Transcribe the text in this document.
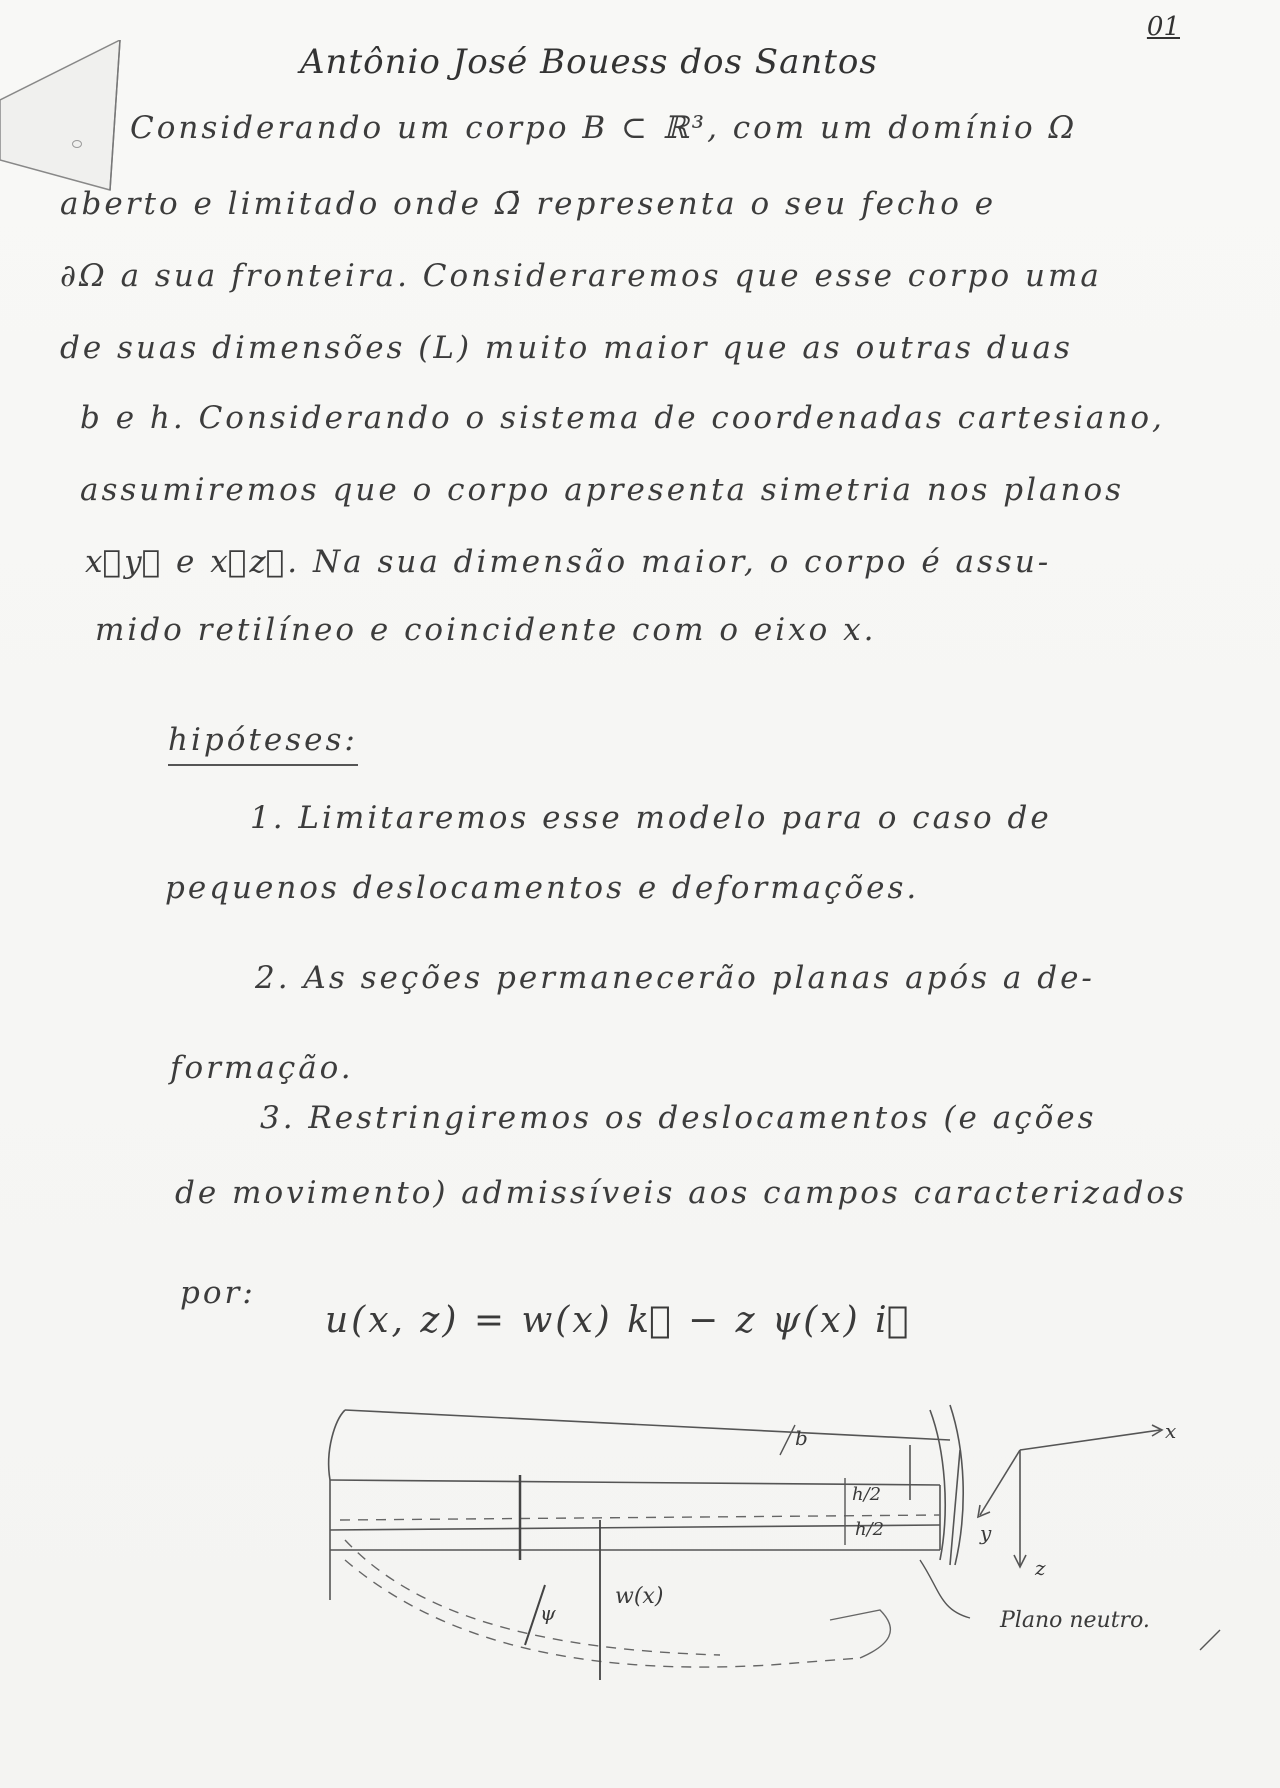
01
Antônio José Bouess dos Santos
Considerando um corpo B ⊂ ℝ³, com um domínio Ω
aberto e limitado onde Ω̄ representa o seu fecho e
∂Ω a sua fronteira. Consideraremos que esse corpo uma
de suas dimensões (L) muito maior que as outras duas
b e h. Considerando o sistema de coordenadas cartesiano,
assumiremos que o corpo apresenta simetria nos planos
x⃗y⃗ e x⃗z⃗. Na sua dimensão maior, o corpo é assu-
mido retilíneo e coincidente com o eixo x.
hipóteses:
1. Limitaremos esse modelo para o caso de
pequenos deslocamentos e deformações.
2. As seções permanecerão planas após a de-
formação.
3. Restringiremos os deslocamentos (e ações
de movimento) admissíveis aos campos caracterizados
por:
u(x, z) = w(x) k⃗ − z ψ(x) i⃗
w(x)
ψ
b
h/2
h/2
x
y
z
Plano neutro.
